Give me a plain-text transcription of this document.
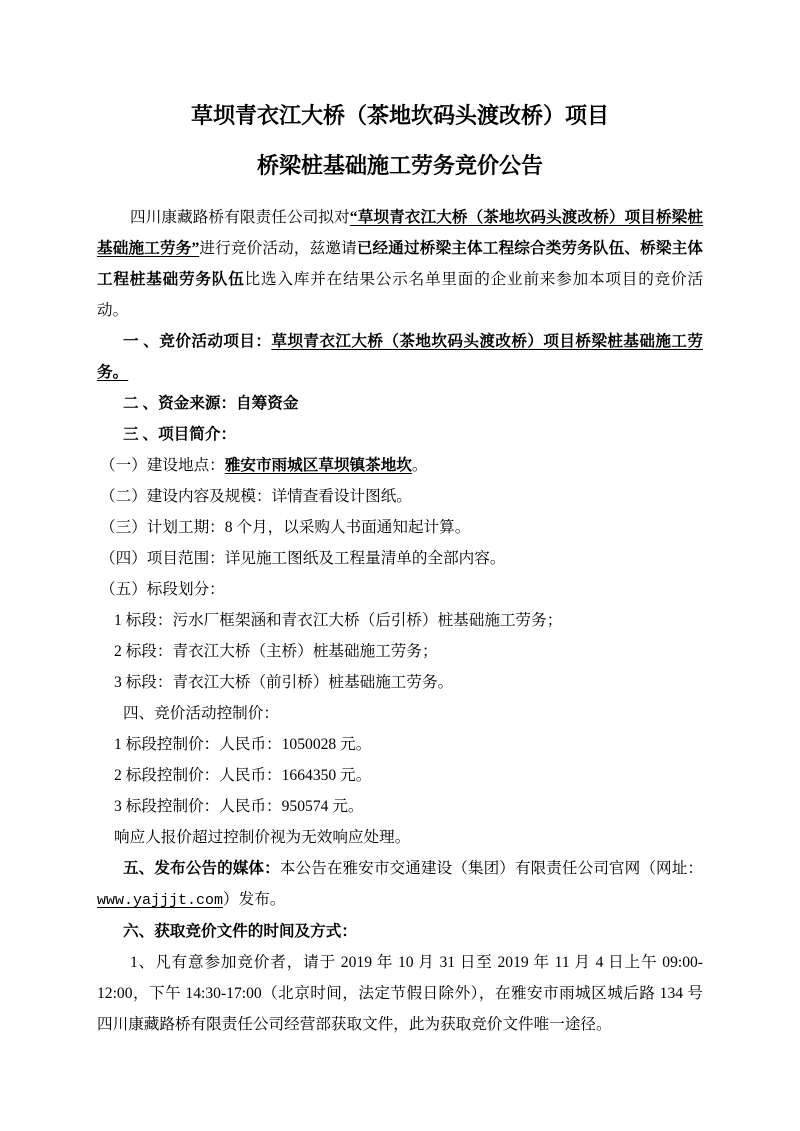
草坝青衣江大桥（茶地坎码头渡改桥）项目
桥梁桩基础施工劳务竞价公告

四川康藏路桥有限责任公司拟对“草坝青衣江大桥（茶地坎码头渡改桥）项目桥梁桩基础施工劳务”进行竞价活动，兹邀请已经通过桥梁主体工程综合类劳务队伍、桥梁主体工程桩基础劳务队伍比选入库并在结果公示名单里面的企业前来参加本项目的竞价活动。

一 、竞价活动项目：草坝青衣江大桥（茶地坎码头渡改桥）项目桥梁桩基础施工劳务。

二 、资金来源：自筹资金

三 、项目简介：

（一）建设地点：雅安市雨城区草坝镇茶地坎。

（二）建设内容及规模：详情查看设计图纸。

（三）计划工期：8 个月，以采购人书面通知起计算。

（四）项目范围：详见施工图纸及工程量清单的全部内容。

（五）标段划分：

1 标段：污水厂框架涵和青衣江大桥（后引桥）桩基础施工劳务；

2 标段：青衣江大桥（主桥）桩基础施工劳务；

3 标段：青衣江大桥（前引桥）桩基础施工劳务。

四、竞价活动控制价：

1 标段控制价：人民币：1050028 元。

2 标段控制价：人民币：1664350 元。

3 标段控制价：人民币：950574 元。

响应人报价超过控制价视为无效响应处理。

五、发布公告的媒体：本公告在雅安市交通建设（集团）有限责任公司官网（网址：www.yajjjt.com）发布。

六、获取竞价文件的时间及方式：

1、凡有意参加竞价者，请于 2019 年 10 月 31 日至 2019 年 11 月 4 日上午 09:00-12:00，下午 14:30-17:00（北京时间，法定节假日除外），在雅安市雨城区城后路 134 号四川康藏路桥有限责任公司经营部获取文件，此为获取竞价文件唯一途径。
